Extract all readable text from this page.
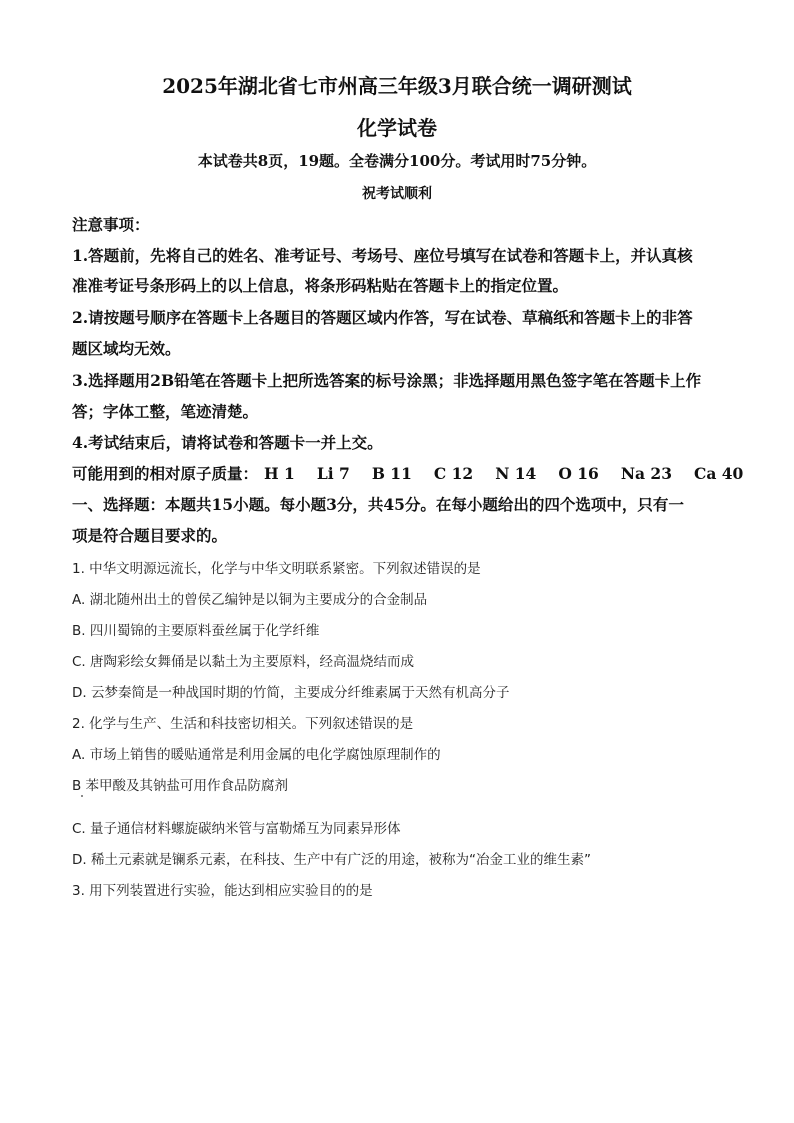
2025年湖北省七市州高三年级3月联合统一调研测试
化学试卷
本试卷共8页，19题。全卷满分100分。考试用时75分钟。
祝考试顺利
注意事项：
1.答题前，先将自己的姓名、准考证号、考场号、座位号填写在试卷和答题卡上，并认真核
准准考证号条形码上的以上信息，将条形码粘贴在答题卡上的指定位置。
2.请按题号顺序在答题卡上各题目的答题区域内作答，写在试卷、草稿纸和答题卡上的非答
题区域均无效。
3.选择题用2B铅笔在答题卡上把所选答案的标号涂黑；非选择题用黑色签字笔在答题卡上作
答；字体工整，笔迹清楚。
4.考试结束后，请将试卷和答题卡一并上交。
可能用到的相对原子质量： H 1 Li 7 B 11 C 12 N 14 O 16 Na 23 Ca 40
一、选择题：本题共15小题。每小题3分，共45分。在每小题给出的四个选项中，只有一
项是符合题目要求的。
1. 中华文明源远流长，化学与中华文明联系紧密。下列叙述错误的是
A. 湖北随州出土的曾侯乙编钟是以铜为主要成分的合金制品
B. 四川蜀锦的主要原料蚕丝属于化学纤维
C. 唐陶彩绘女舞俑是以黏土为主要原料，经高温烧结而成
D. 云梦秦简是一种战国时期的竹简，主要成分纤维素属于天然有机高分子
2. 化学与生产、生活和科技密切相关。下列叙述错误的是
A. 市场上销售的暖贴通常是利用金属的电化学腐蚀原理制作的
B 苯甲酸及其钠盐可用作食品防腐剂
C. 量子通信材料螺旋碳纳米管与富勒烯互为同素异形体
D. 稀土元素就是镧系元素，在科技、生产中有广泛的用途，被称为“冶金工业的维生素”
3. 用下列装置进行实验，能达到相应实验目的的是
